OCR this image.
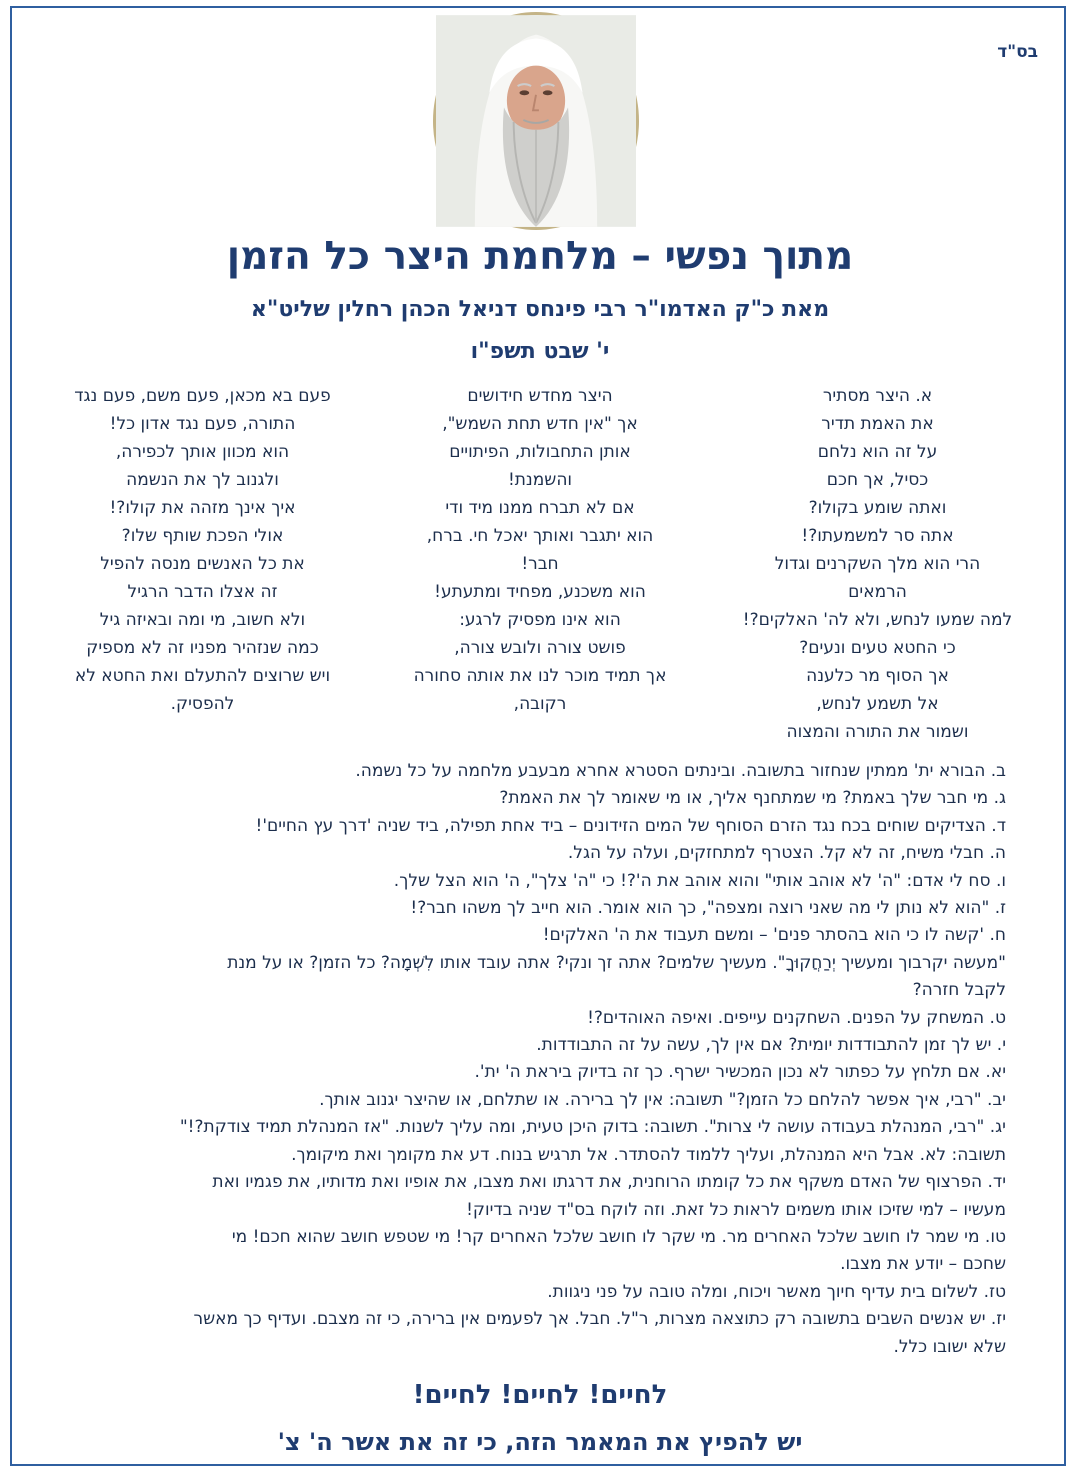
בס"ד
מתוך נפשי – מלחמת היצר כל הזמן
מאת כ"ק האדמו"ר רבי פינחס דניאל הכהן רחלין שליט"א
י' שבט תשפ"ו
א. היצר מסתיר
את האמת תדיר
על זה הוא נלחם
כסיל, אך חכם
ואתה שומע בקולו?
אתה סר למשמעתו?!
הרי הוא מלך השקרנים וגדול
הרמאים
למה שמעו לנחש, ולא לה' האלקים?!
כי החטא טעים ונעים?
אך הסוף מר כלענה
אל תשמע לנחש,
ושמור את התורה והמצוה
היצר מחדש חידושים
אך "אין חדש תחת השמש",
אותן התחבולות, הפיתויים
והשמנת!
אם לא תברח ממנו מיד ודי
הוא יתגבר ואותך יאכל חי. ברח,
חבר!
הוא משכנע, מפחיד ומתעתע!
הוא אינו מפסיק לרגע:
פושט צורה ולובש צורה,
אך תמיד מוכר לנו את אותה סחורה
רקובה,
פעם בא מכאן, פעם משם, פעם נגד
התורה, פעם נגד אדון כל!
הוא מכוון אותך לכפירה,
ולגנוב לך את הנשמה
איך אינך מזהה את קולו?!
אולי הפכת שותף שלו?
את כל האנשים מנסה להפיל
זה אצלו הדבר הרגיל
ולא חשוב, מי ומה ובאיזה גיל
כמה שנזהיר מפניו זה לא מספיק
ויש שרוצים להתעלם ואת החטא לא
להפסיק.
ב. הבורא ית' ממתין שנחזור בתשובה. ובינתים הסטרא אחרא מבעבע מלחמה על כל נשמה.
ג. מי חבר שלך באמת? מי שמתחנף אליך, או מי שאומר לך את האמת?
ד. הצדיקים שוחים בכח נגד הזרם הסוחף של המים הזידונים – ביד אחת תפילה, ביד שניה 'דרך עץ החיים'!
ה. חבלי משיח, זה לא קל. הצטרף למתחזקים, ועלה על הגל.
ו. סח לי אדם: "ה' לא אוהב אותי" והוא אוהב את ה'?! כי "ה' צלך", ה' הוא הצל שלך.
ז. "הוא לא נותן לי מה שאני רוצה ומצפה", כך הוא אומר. הוא חייב לך משהו חבר?!
ח. 'קשה לו כי הוא בהסתר פנים' – ומשם תעבוד את ה' האלקים!
"מעשה יקרבוך ומעשיך יְרַחֲקוּךָ". מעשיך שלמים? אתה זך ונקי? אתה עובד אותו לִשְׁמָה? כל הזמן? או על מנת
לקבל חזרה?
ט. המשחק על הפנים. השחקנים עייפים. ואיפה האוהדים?!
י. יש לך זמן להתבודדות יומית? אם אין לך, עשה על זה התבודדות.
יא. אם תלחץ על כפתור לא נכון המכשיר ישרף. כך זה בדיוק ביראת ה' ית'.
יב. "רבי, איך אפשר להלחם כל הזמן?" תשובה: אין לך ברירה. או שתלחם, או שהיצר יגנוב אותך.
יג. "רבי, המנהלת בעבודה עושה לי צרות". תשובה: בדוק היכן טעית, ומה עליך לשנות. "אז המנהלת תמיד צודקת?!"
תשובה: לא. אבל היא המנהלת, ועליך ללמוד להסתדר. אל תרגיש בנוח. דע את מקומך ואת מיקומך.
יד. הפרצוף של האדם משקף את כל קומתו הרוחנית, את דרגתו ואת מצבו, את אופיו ואת מדותיו, את פגמיו ואת
מעשיו – למי שזיכו אותו משמים לראות כל זאת. וזה לוקח בס"ד שניה בדיוק!
טו. מי שמר לו חושב שלכל האחרים מר. מי שקר לו חושב שלכל האחרים קר! מי שטפש חושב שהוא חכם! מי
שחכם – יודע את מצבו.
טז. לשלום בית עדיף חיוך מאשר ויכוח, ומלה טובה על פני ניגוות.
יז. יש אנשים השבים בתשובה רק כתוצאה מצרות, ר"ל. חבל. אך לפעמים אין ברירה, כי זה מצבם. ועדיף כך מאשר
שלא ישובו כלל.
לחיים! לחיים! לחיים!
יש להפיץ את המאמר הזה, כי זה את אשר ה' צ'
